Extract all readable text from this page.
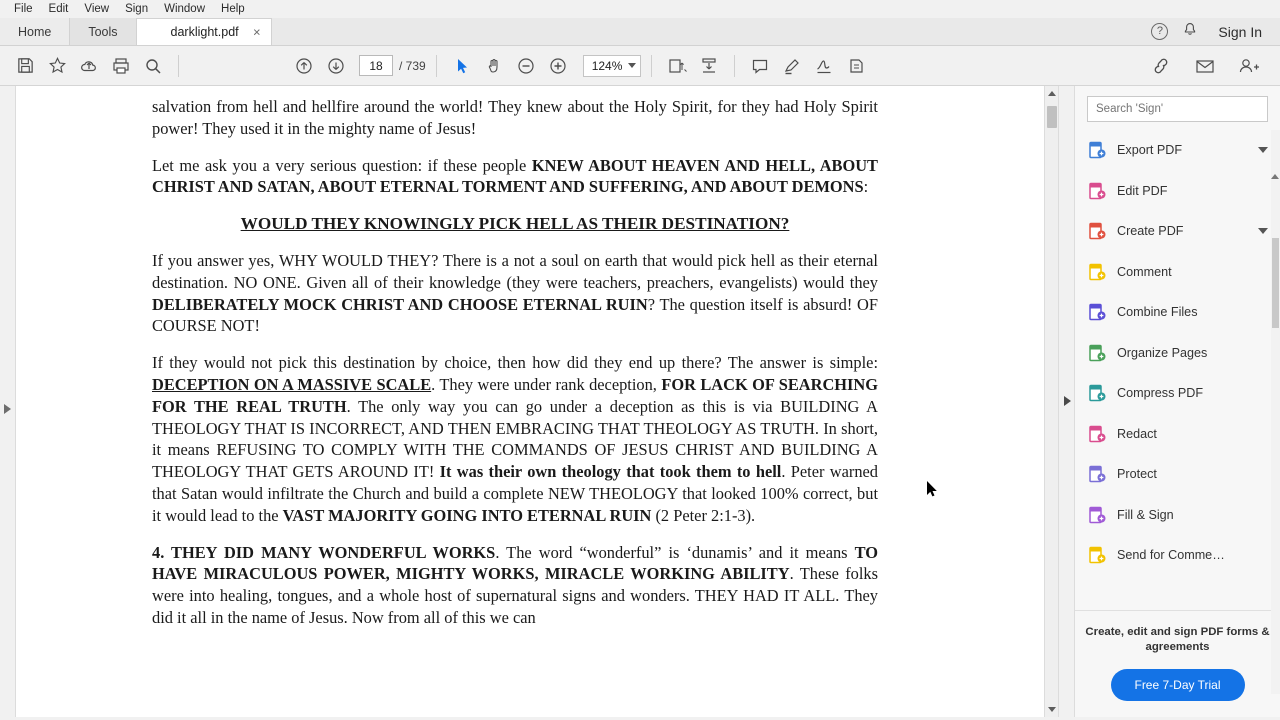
File	Edit	View	Sign	Window	Help
Home	Tools	darklight.pdf ×	?	Sign In
18
/ 739	124%

salvation from hell and hellfire around the world! They knew about the Holy Spirit, for they had Holy Spirit power! They used it in the mighty name of Jesus!

Let me ask you a very serious question: if these people KNEW ABOUT HEAVEN AND HELL, ABOUT CHRIST AND SATAN, ABOUT ETERNAL TORMENT AND SUFFERING, AND ABOUT DEMONS:

WOULD THEY KNOWINGLY PICK HELL AS THEIR DESTINATION?

If you answer yes, WHY WOULD THEY? There is a not a soul on earth that would pick hell as their eternal destination. NO ONE. Given all of their knowledge (they were teachers, preachers, evangelists) would they DELIBERATELY MOCK CHRIST AND CHOOSE ETERNAL RUIN? The question itself is absurd! OF COURSE NOT!

If they would not pick this destination by choice, then how did they end up there? The answer is simple: DECEPTION ON A MASSIVE SCALE. They were under rank deception, FOR LACK OF SEARCHING FOR THE REAL TRUTH. The only way you can go under a deception as this is via BUILDING A THEOLOGY THAT IS INCORRECT, AND THEN EMBRACING THAT THEOLOGY AS TRUTH. In short, it means REFUSING TO COMPLY WITH THE COMMANDS OF JESUS CHRIST AND BUILDING A THEOLOGY THAT GETS AROUND IT! It was their own theology that took them to hell. Peter warned that Satan would infiltrate the Church and build a complete NEW THEOLOGY that looked 100% correct, but it would lead to the VAST MAJORITY GOING INTO ETERNAL RUIN (2 Peter 2:1-3).

4. THEY DID MANY WONDERFUL WORKS. The word “wonderful” is ‘dunamis’ and it means TO HAVE MIRACULOUS POWER, MIGHTY WORKS, MIRACLE WORKING ABILITY. These folks were into healing, tongues, and a whole host of supernatural signs and wonders. THEY HAD IT ALL. They did it all in the name of Jesus. Now from all of this we can

Search 'Sign'
Export PDF
Edit PDF
Create PDF
Comment
Combine Files
Organize Pages
Compress PDF
Redact
Protect
Fill & Sign
Send for Comme…
Create, edit and sign PDF forms & agreements
Free 7-Day Trial
